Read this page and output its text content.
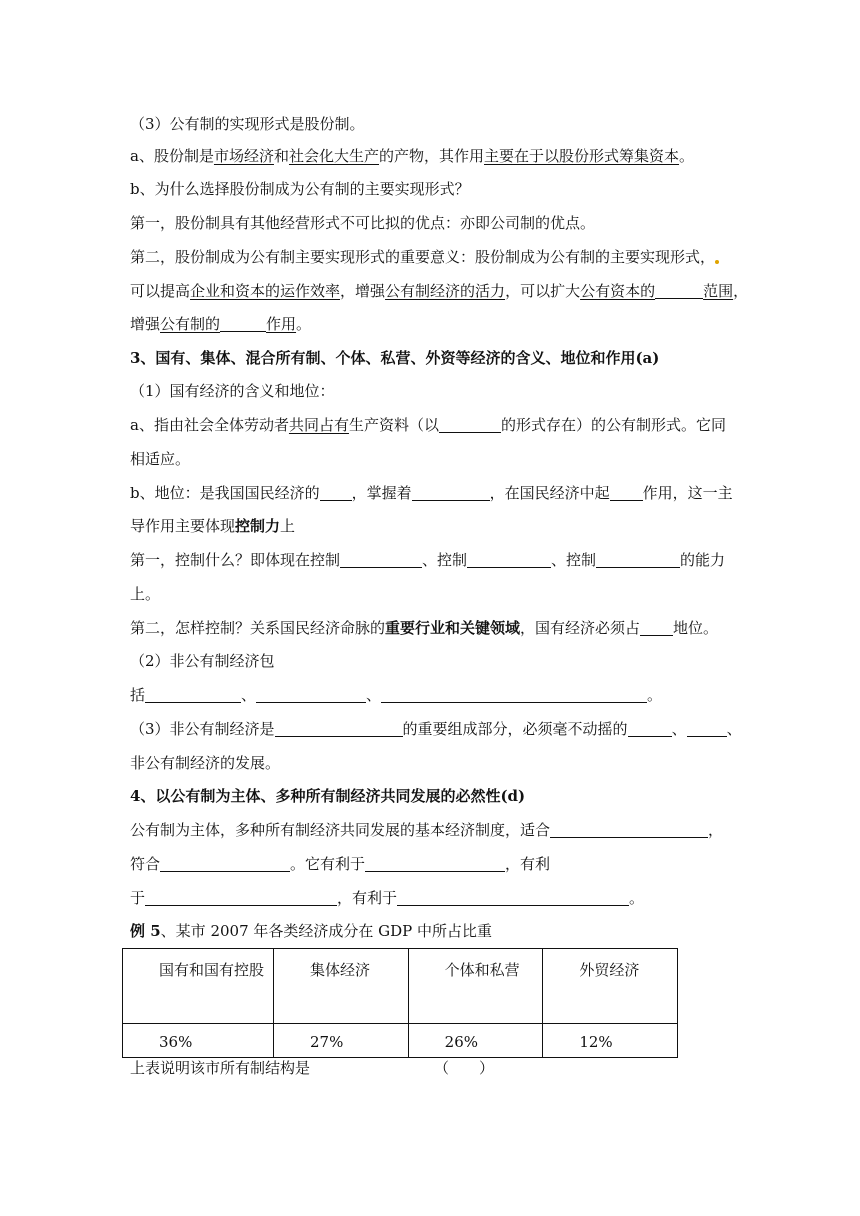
（3）公有制的实现形式是股份制。
a、股份制是市场经济和社会化大生产的产物，其作用主要在于以股份形式筹集资本。
b、为什么选择股份制成为公有制的主要实现形式？
第一，股份制具有其他经营形式不可比拟的优点：亦即公司制的优点。
第二，股份制成为公有制主要实现形式的重要意义：股份制成为公有制的主要实现形式，
可以提高企业和资本的运作效率，增强公有制经济的活力，可以扩大公有资本的	范围，
增强公有制的	作用。
3、国有、集体、混合所有制、个体、私营、外资等经济的含义、地位和作用(a)
（1）国有经济的含义和地位：
a、指由社会全体劳动者共同占有生产资料（以	的形式存在）的公有制形式。它同
相适应。
b、地位：是我国国民经济的 ，掌握着	，在国民经济中起 作用，这一主
导作用主要体现控制力上
第一，控制什么？即体现在控制	、控制	、控制	的能力
上。
第二，怎样控制？关系国民经济命脉的重要行业和关键领域，国有经济必须占 地位。
（2）非公有制经济包
括	、	、	。
（3）非公有制经济是	的重要组成部分，必须毫不动摇的	、	、
非公有制经济的发展。
4、以公有制为主体、多种所有制经济共同发展的必然性(d)
公有制为主体，多种所有制经济共同发展的基本经济制度，适合	，
符合	。它有利于	，有利
于	，有利于	。
例 5、某市 2007 年各类经济成分在 GDP 中所占比重
国有和国有控股	集体经济	个体和私营	外贸经济
36%	27%	26%	12%
上表说明该市所有制结构是	（　　）
